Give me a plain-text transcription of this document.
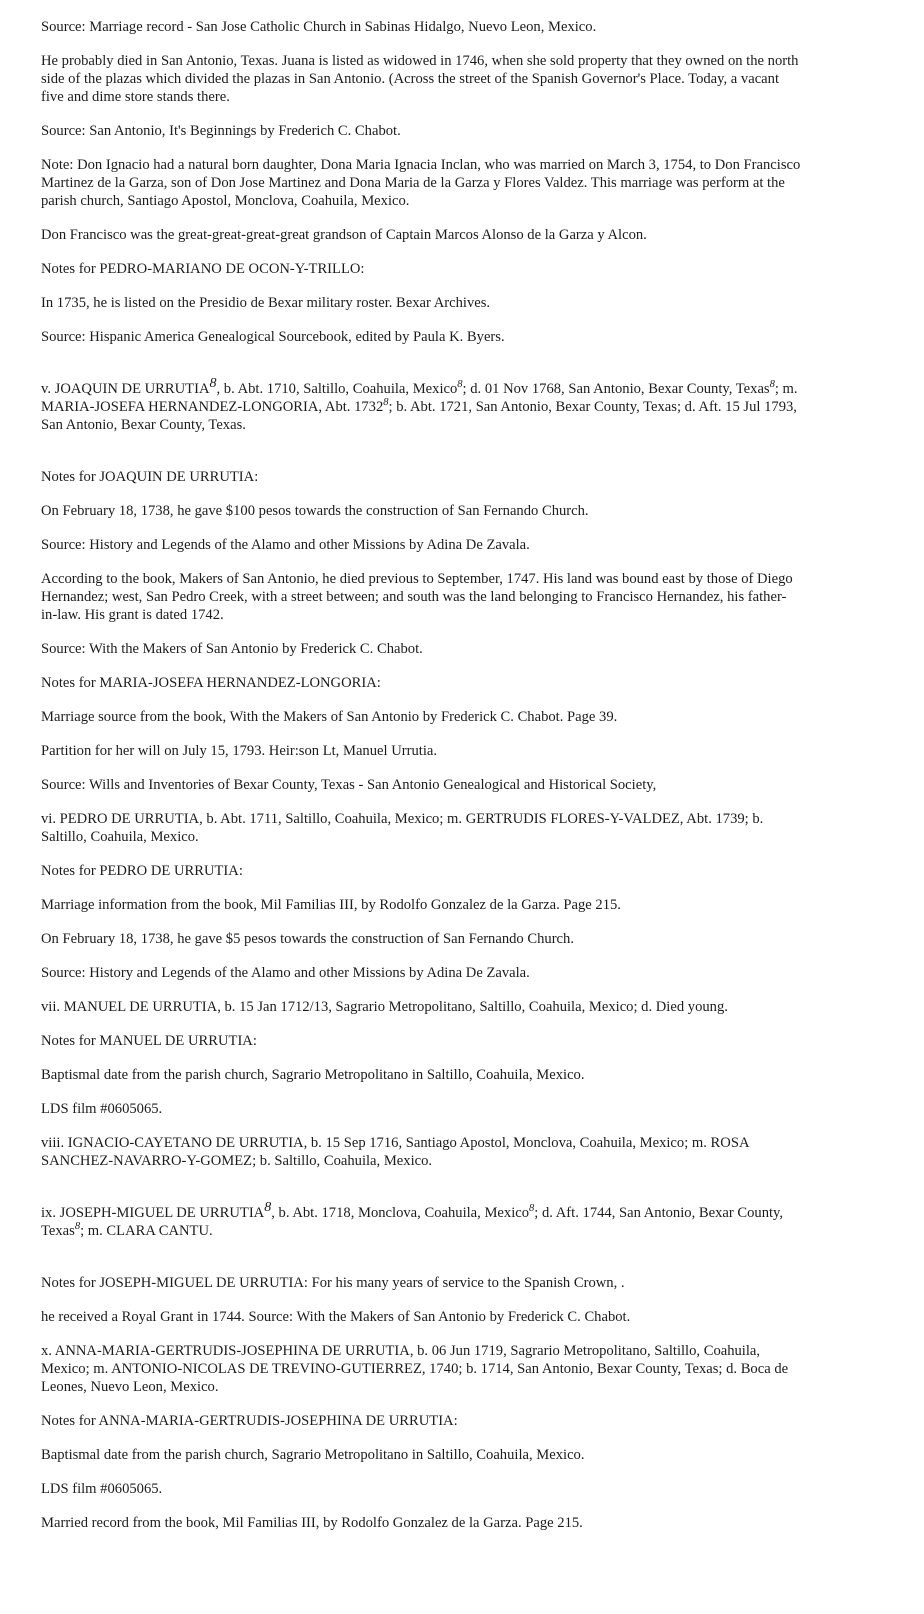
Source: Marriage record - San Jose Catholic Church in Sabinas Hidalgo, Nuevo Leon, Mexico.

He probably died in San Antonio, Texas. Juana is listed as widowed in 1746, when she sold property that they owned on the north side of the plazas which divided the plazas in San Antonio. (Across the street of the Spanish Governor's Place. Today, a vacant five and dime store stands there.

Source: San Antonio, It's Beginnings by Frederich C. Chabot.

Note: Don Ignacio had a natural born daughter, Dona Maria Ignacia Inclan, who was married on March 3, 1754, to Don Francisco Martinez de la Garza, son of Don Jose Martinez and Dona Maria de la Garza y Flores Valdez. This marriage was perform at the parish church, Santiago Apostol, Monclova, Coahuila, Mexico.

Don Francisco was the great-great-great-great grandson of Captain Marcos Alonso de la Garza y Alcon.

Notes for PEDRO-MARIANO DE OCON-Y-TRILLO:

In 1735, he is listed on the Presidio de Bexar military roster. Bexar Archives.

Source: Hispanic America Genealogical Sourcebook, edited by Paula K. Byers.

v. JOAQUIN DE URRUTIA$^8$, b. Abt. 1710, Saltillo, Coahuila, Mexico$^8$; d. 01 Nov 1768, San Antonio, Bexar County, Texas$^8$; m. MARIA-JOSEFA HERNANDEZ-LONGORIA, Abt. 1732$^8$; b. Abt. 1721, San Antonio, Bexar County, Texas; d. Aft. 15 Jul 1793, San Antonio, Bexar County, Texas.

Notes for JOAQUIN DE URRUTIA:

On February 18, 1738, he gave $100 pesos towards the construction of San Fernando Church.

Source: History and Legends of the Alamo and other Missions by Adina De Zavala.

According to the book, Makers of San Antonio, he died previous to September, 1747. His land was bound east by those of Diego Hernandez; west, San Pedro Creek, with a street between; and south was the land belonging to Francisco Hernandez, his father-in-law. His grant is dated 1742.

Source: With the Makers of San Antonio by Frederick C. Chabot.

Notes for MARIA-JOSEFA HERNANDEZ-LONGORIA:

Marriage source from the book, With the Makers of San Antonio by Frederick C. Chabot. Page 39.

Partition for her will on July 15, 1793. Heir:son Lt, Manuel Urrutia.

Source: Wills and Inventories of Bexar County, Texas - San Antonio Genealogical and Historical Society,

vi. PEDRO DE URRUTIA, b. Abt. 1711, Saltillo, Coahuila, Mexico; m. GERTRUDIS FLORES-Y-VALDEZ, Abt. 1739; b. Saltillo, Coahuila, Mexico.

Notes for PEDRO DE URRUTIA:

Marriage information from the book, Mil Familias III, by Rodolfo Gonzalez de la Garza. Page 215.

On February 18, 1738, he gave $5 pesos towards the construction of San Fernando Church.

Source: History and Legends of the Alamo and other Missions by Adina De Zavala.

vii. MANUEL DE URRUTIA, b. 15 Jan 1712/13, Sagrario Metropolitano, Saltillo, Coahuila, Mexico; d. Died young.

Notes for MANUEL DE URRUTIA:

Baptismal date from the parish church, Sagrario Metropolitano in Saltillo, Coahuila, Mexico.

LDS film #0605065.

viii. IGNACIO-CAYETANO DE URRUTIA, b. 15 Sep 1716, Santiago Apostol, Monclova, Coahuila, Mexico; m. ROSA SANCHEZ-NAVARRO-Y-GOMEZ; b. Saltillo, Coahuila, Mexico.

ix. JOSEPH-MIGUEL DE URRUTIA$^8$, b. Abt. 1718, Monclova, Coahuila, Mexico$^8$; d. Aft. 1744, San Antonio, Bexar County, Texas$^8$; m. CLARA CANTU.

Notes for JOSEPH-MIGUEL DE URRUTIA: For his many years of service to the Spanish Crown, .

he received a Royal Grant in 1744. Source: With the Makers of San Antonio by Frederick C. Chabot.

x. ANNA-MARIA-GERTRUDIS-JOSEPHINA DE URRUTIA, b. 06 Jun 1719, Sagrario Metropolitano, Saltillo, Coahuila, Mexico; m. ANTONIO-NICOLAS DE TREVINO-GUTIERREZ, 1740; b. 1714, San Antonio, Bexar County, Texas; d. Boca de Leones, Nuevo Leon, Mexico.

Notes for ANNA-MARIA-GERTRUDIS-JOSEPHINA DE URRUTIA:

Baptismal date from the parish church, Sagrario Metropolitano in Saltillo, Coahuila, Mexico.

LDS film #0605065.

Married record from the book, Mil Familias III, by Rodolfo Gonzalez de la Garza. Page 215.
